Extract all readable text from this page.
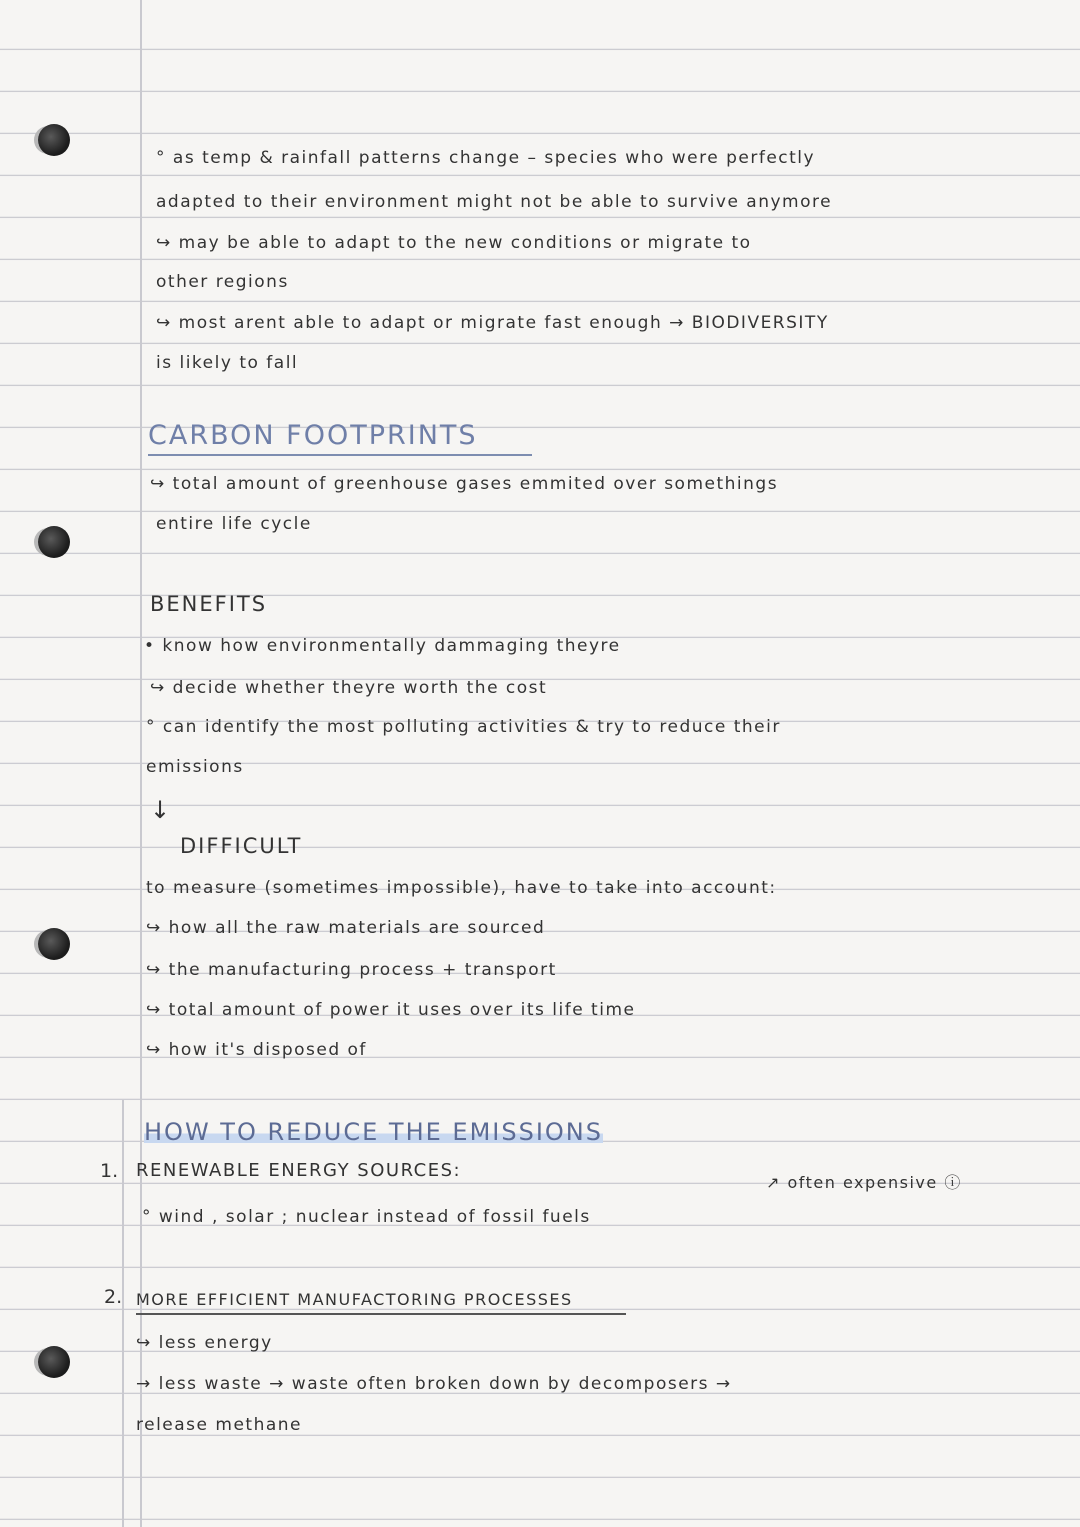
° as temp & rainfall patterns change – species who were perfectly
adapted to their environment might not be able to survive anymore
↪ may be able to adapt to the new conditions or migrate to
other regions
↪ most arent able to adapt or migrate fast enough → BIODIVERSITY
is likely to fall
CARBON FOOTPRINTS
↪ total amount of greenhouse gases emmited over somethings
entire life cycle
BENEFITS
• know how environmentally dammaging theyre
↪ decide whether theyre worth the cost
° can identify the most polluting activities & try to reduce their
emissions
↓
DIFFICULT
to measure (sometimes impossible), have to take into account:
↪ how all the raw materials are sourced
↪ the manufacturing process + transport
↪ total amount of power it uses over its life time
↪ how it's disposed of
HOW TO REDUCE THE EMISSIONS
1. RENEWABLE ENERGY SOURCES:
↗ often expensive ⓘ
° wind , solar ; nuclear instead of fossil fuels
2. MORE EFFICIENT MANUFACTORING PROCESSES
↪ less energy
→ less waste → waste often broken down by decomposers →
release methane
